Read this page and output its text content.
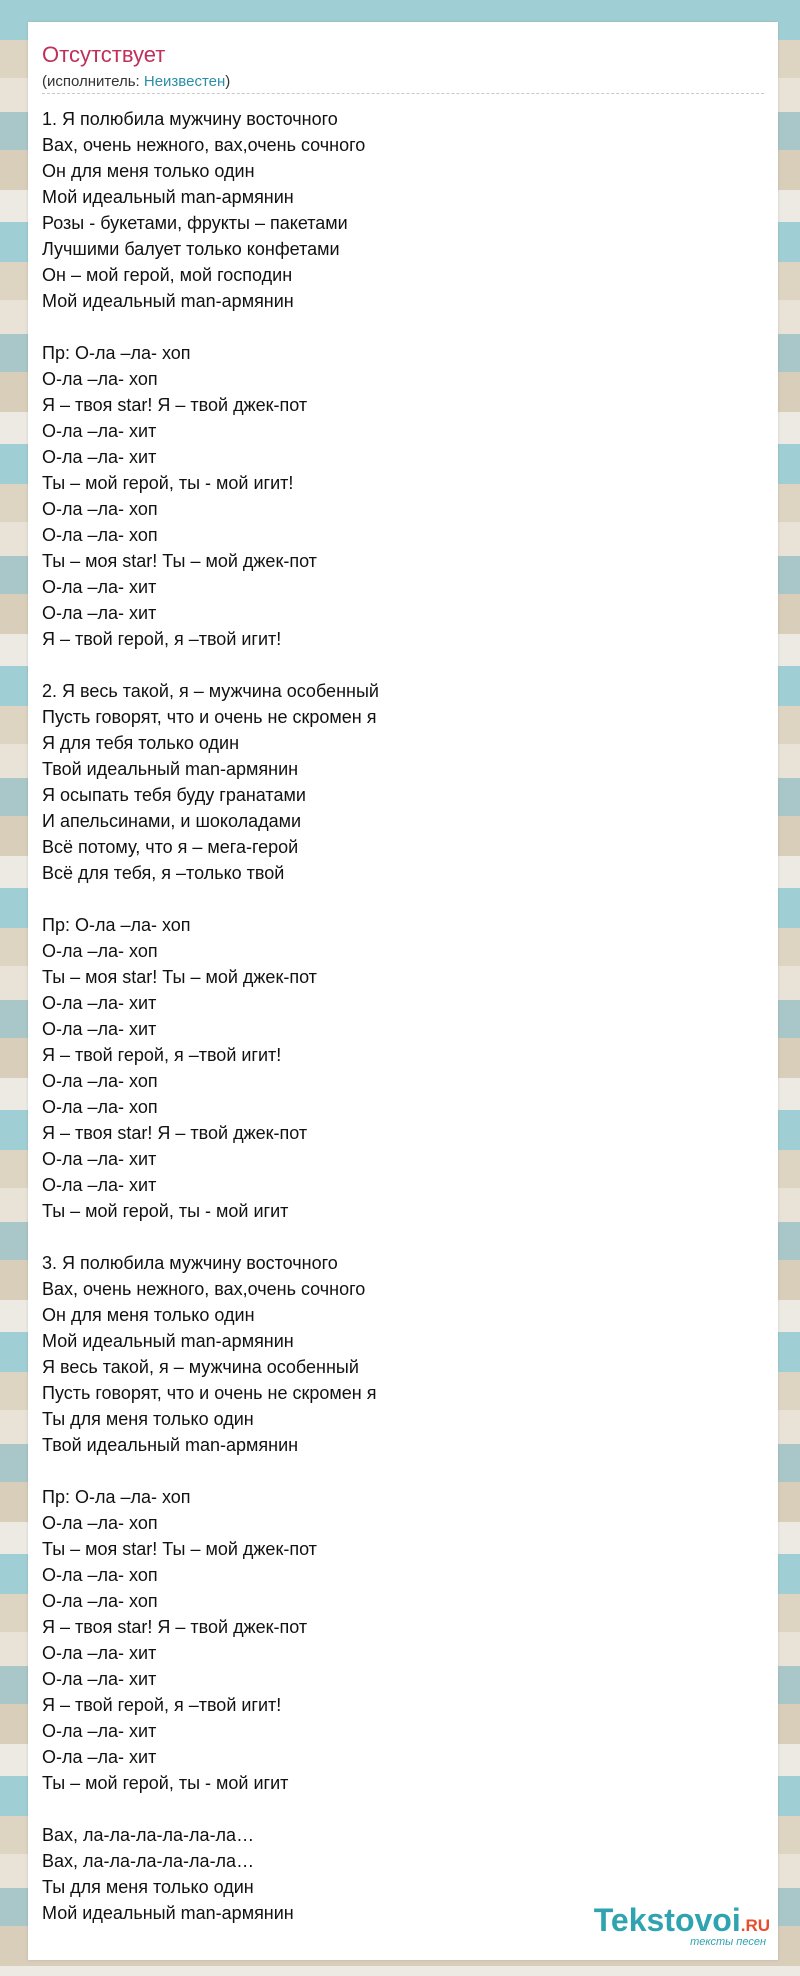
Отсутствует
(исполнитель: Неизвестен)
1. Я полюбила мужчину восточного
Вах, очень нежного, вах,очень сочного
Он для меня только один
Мой идеальный man-армянин
Розы - букетами, фрукты – пакетами
Лучшими балует только конфетами
Он – мой герой, мой господин
Мой идеальный man-армянин
Пр: О-ла –ла- хоп
О-ла –ла- хоп
Я – твоя star! Я – твой джек-пот
О-ла –ла- хит
О-ла –ла- хит
Ты – мой герой, ты - мой игит!
О-ла –ла- хоп
О-ла –ла- хоп
Ты – моя star! Ты – мой джек-пот
О-ла –ла- хит
О-ла –ла- хит
Я – твой герой, я –твой игит!
2. Я весь такой, я – мужчина особенный
Пусть говорят, что и очень не скромен я
Я для тебя только один
Твой идеальный man-армянин
Я осыпать тебя буду гранатами
И апельсинами, и шоколадами
Всё потому, что я – мега-герой
Всё для тебя, я –только твой
Пр: О-ла –ла- хоп
О-ла –ла- хоп
Ты – моя star! Ты – мой джек-пот
О-ла –ла- хит
О-ла –ла- хит
Я – твой герой, я –твой игит!
О-ла –ла- хоп
О-ла –ла- хоп
Я – твоя star! Я – твой джек-пот
О-ла –ла- хит
О-ла –ла- хит
Ты – мой герой, ты - мой игит
3. Я полюбила мужчину восточного
Вах, очень нежного, вах,очень сочного
Он для меня только один
Мой идеальный man-армянин
Я весь такой, я – мужчина особенный
Пусть говорят, что и очень не скромен я
Ты для меня только один
Твой идеальный man-армянин
Пр: О-ла –ла- хоп
О-ла –ла- хоп
Ты – моя star! Ты – мой джек-пот
О-ла –ла- хоп
О-ла –ла- хоп
Я – твоя star! Я – твой джек-пот
О-ла –ла- хит
О-ла –ла- хит
Я – твой герой, я –твой игит!
О-ла –ла- хит
О-ла –ла- хит
Ты – мой герой, ты - мой игит
Вах, ла-ла-ла-ла-ла-ла…
Вах, ла-ла-ла-ла-ла-ла…
Ты для меня только один
Мой идеальный man-армянин	Tekstovoi.RU
тексты песен
